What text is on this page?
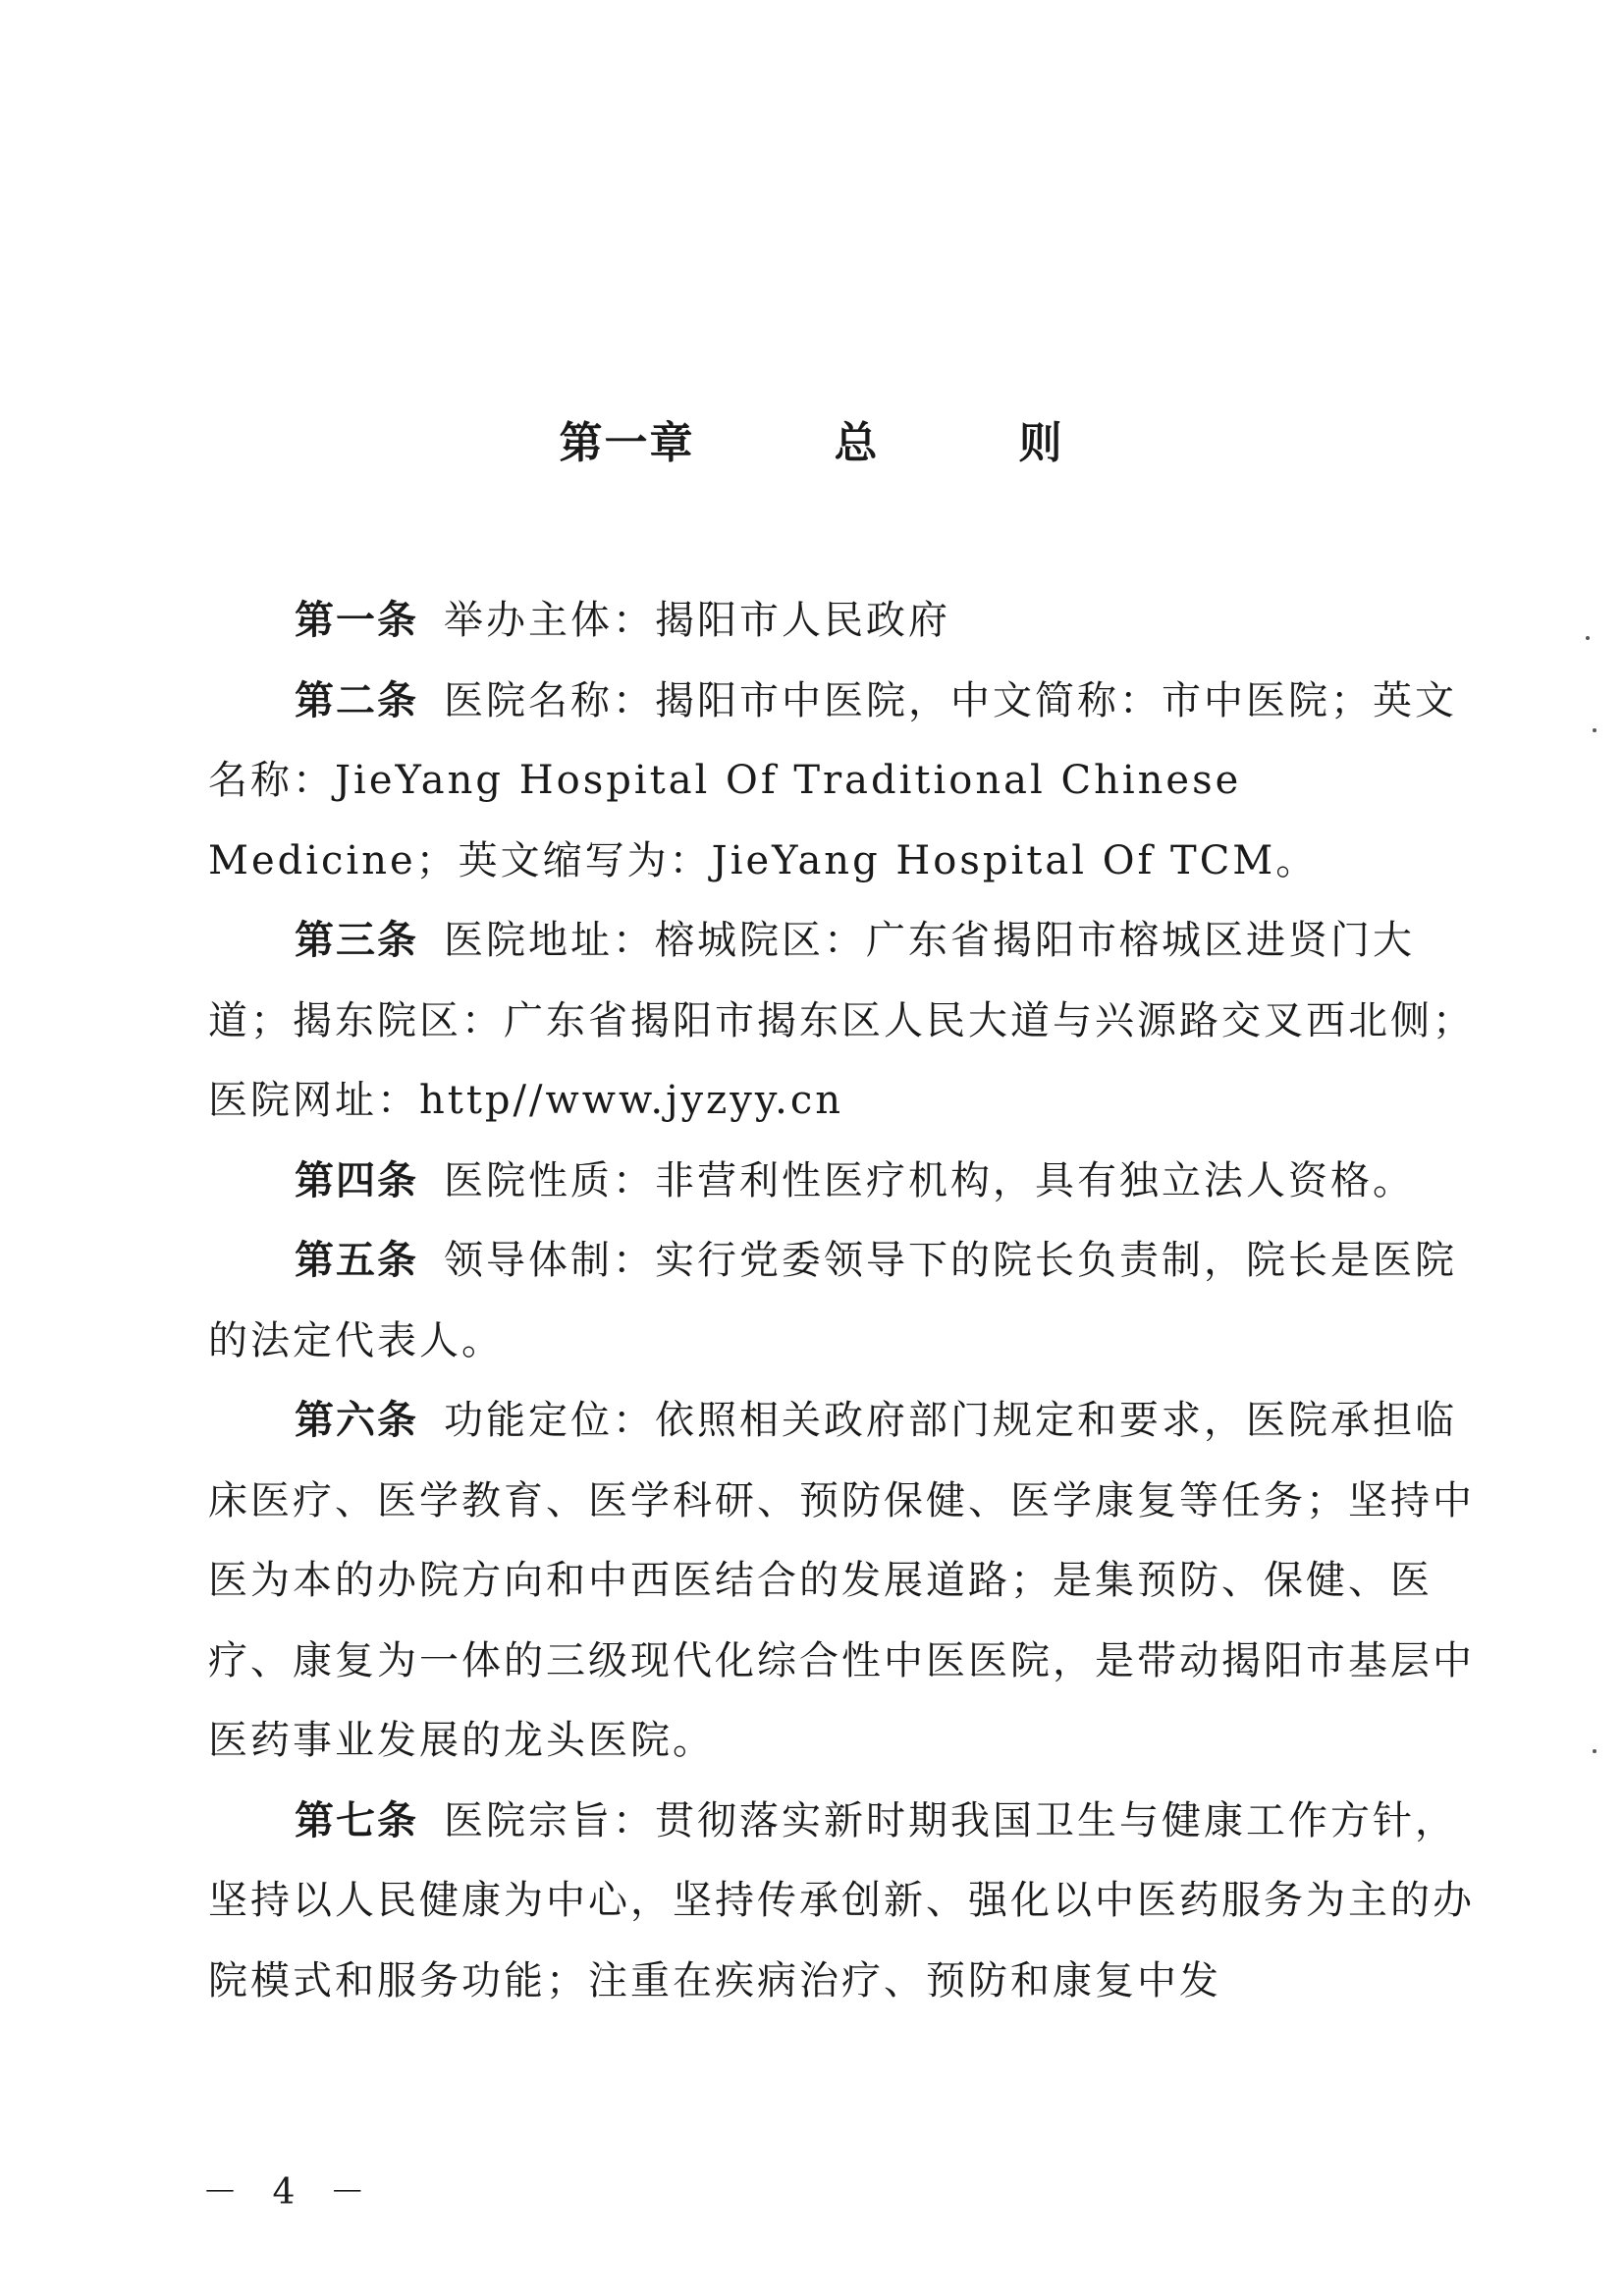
第一章   总   则

第一条 举办主体：揭阳市人民政府

第二条 医院名称：揭阳市中医院，中文简称：市中医院；英文名称：JieYang Hospital Of Traditional Chinese Medicine；英文缩写为：JieYang Hospital Of TCM。

第三条 医院地址：榕城院区：广东省揭阳市榕城区进贤门大道；揭东院区：广东省揭阳市揭东区人民大道与兴源路交叉西北侧；医院网址：http//www.jyzyy.cn

第四条 医院性质：非营利性医疗机构，具有独立法人资格。

第五条 领导体制：实行党委领导下的院长负责制，院长是医院的法定代表人。

第六条 功能定位：依照相关政府部门规定和要求，医院承担临床医疗、医学教育、医学科研、预防保健、医学康复等任务；坚持中医为本的办院方向和中西医结合的发展道路；是集预防、保健、医疗、康复为一体的三级现代化综合性中医医院，是带动揭阳市基层中医药事业发展的龙头医院。

第七条 医院宗旨：贯彻落实新时期我国卫生与健康工作方针，坚持以人民健康为中心，坚持传承创新、强化以中医药服务为主的办院模式和服务功能；注重在疾病治疗、预防和康复中发

－ 4 －
